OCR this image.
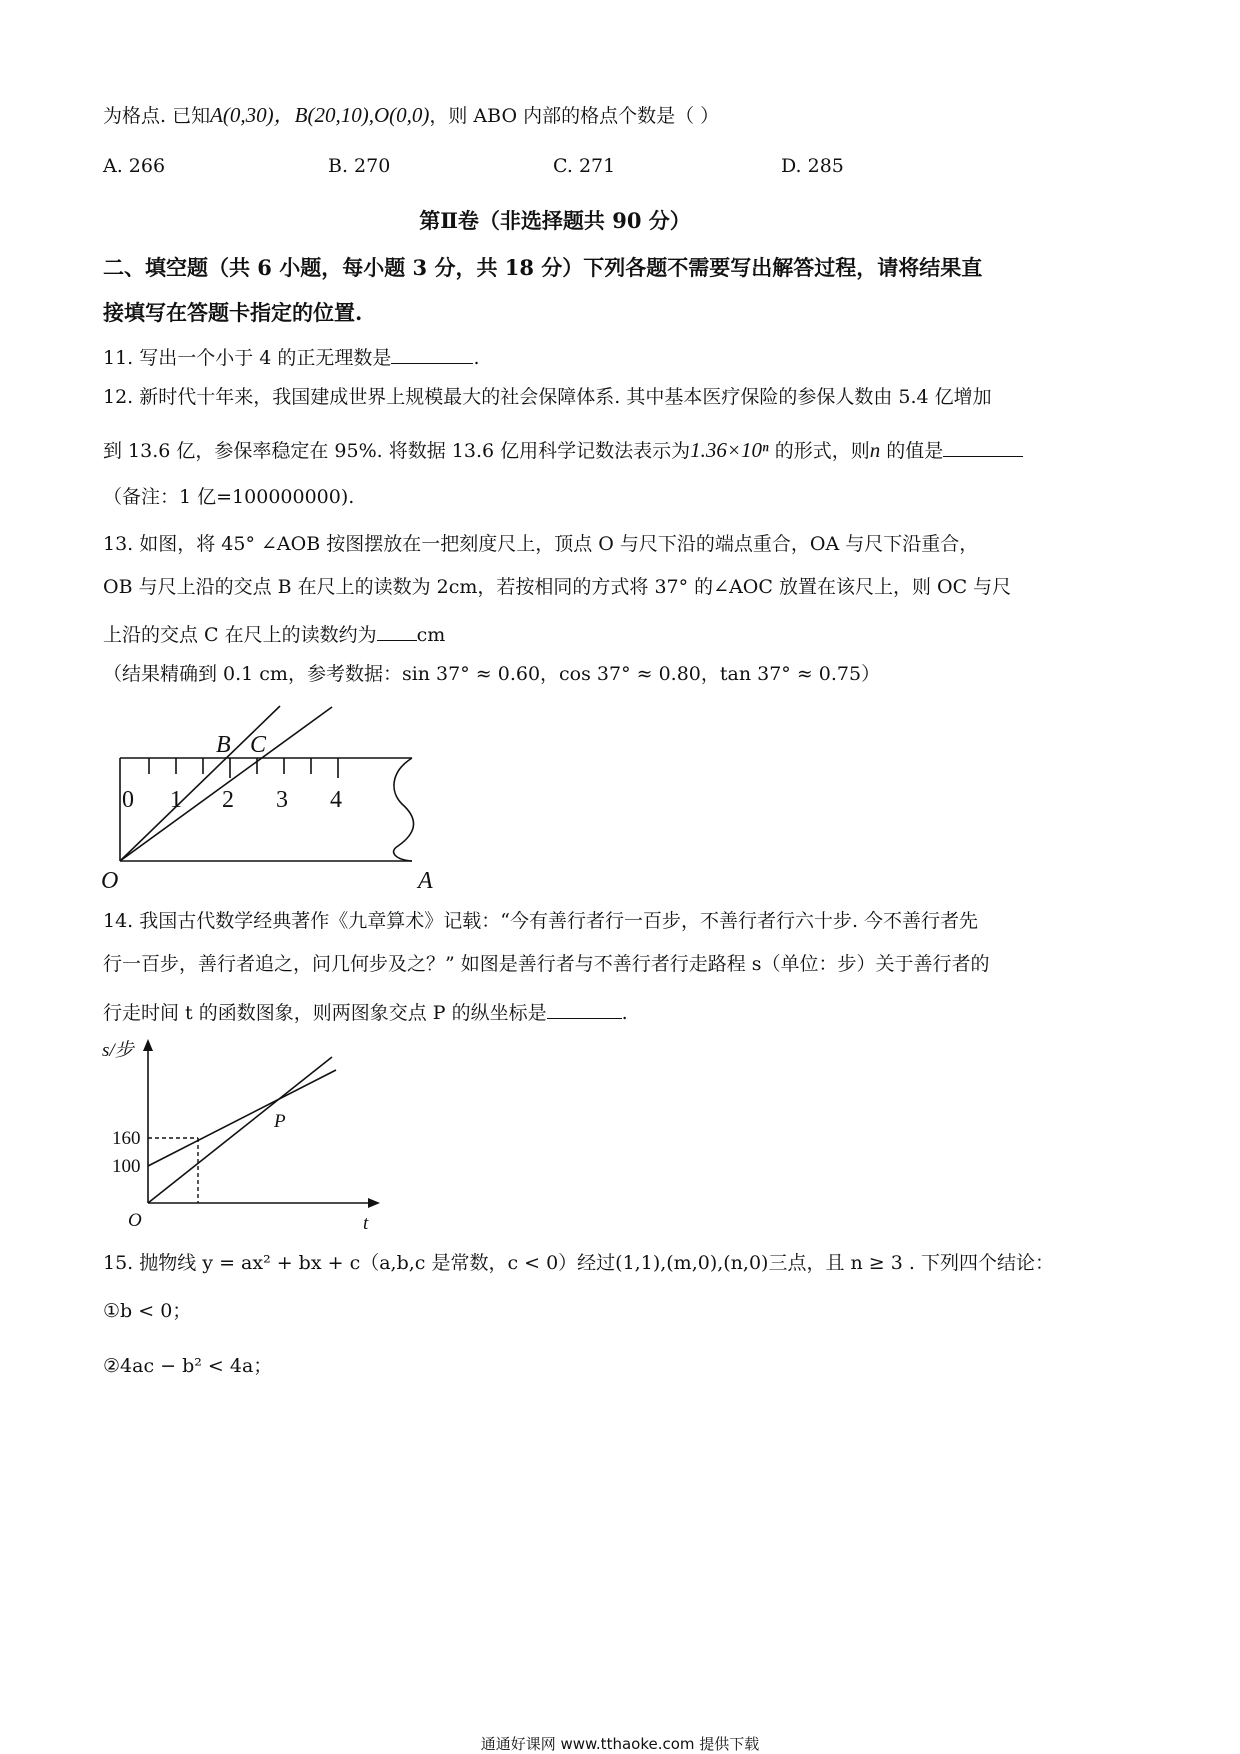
为格点. 已知A(0,30)，B(20,10),O(0,0)，则 ABO 内部的格点个数是（ ）
A. 266	B. 270	C. 271	D. 285
第Ⅱ卷（非选择题共 90 分）
二、填空题（共 6 小题，每小题 3 分，共 18 分）下列各题不需要写出解答过程，请将结果直
接填写在答题卡指定的位置.
11. 写出一个小于 4 的正无理数是	.
12. 新时代十年来，我国建成世界上规模最大的社会保障体系. 其中基本医疗保险的参保人数由 5.4 亿增加
到 13.6 亿，参保率稳定在 95%. 将数据 13.6 亿用科学记数法表示为1.36×10ⁿ 的形式，则n 的值是
（备注：1 亿=100000000).
13. 如图，将 45° ∠AOB 按图摆放在一把刻度尺上，顶点 O 与尺下沿的端点重合，OA 与尺下沿重合，
OB 与尺上沿的交点 B 在尺上的读数为 2cm，若按相同的方式将 37° 的∠AOC 放置在该尺上，则 OC 与尺
上沿的交点 C 在尺上的读数约为 cm
（结果精确到 0.1 cm，参考数据：sin 37° ≈ 0.60，cos 37° ≈ 0.80，tan 37° ≈ 0.75）
0 1 2 3 4
B C
O	A
14. 我国古代数学经典著作《九章算术》记载：“今有善行者行一百步，不善行者行六十步. 今不善行者先
行一百步，善行者追之，问几何步及之？” 如图是善行者与不善行者行走路程 s（单位：步）关于善行者的
行走时间 t 的函数图象，则两图象交点 P 的纵坐标是	.
s/步
160
100
O	t
P
15. 抛物线 y = ax² + bx + c（a,b,c 是常数，c < 0）经过(1,1),(m,0),(n,0)三点，且 n ≥ 3 . 下列四个结论：
①b < 0；
②4ac − b² < 4a；
通通好课网 www.tthaoke.com 提供下载
